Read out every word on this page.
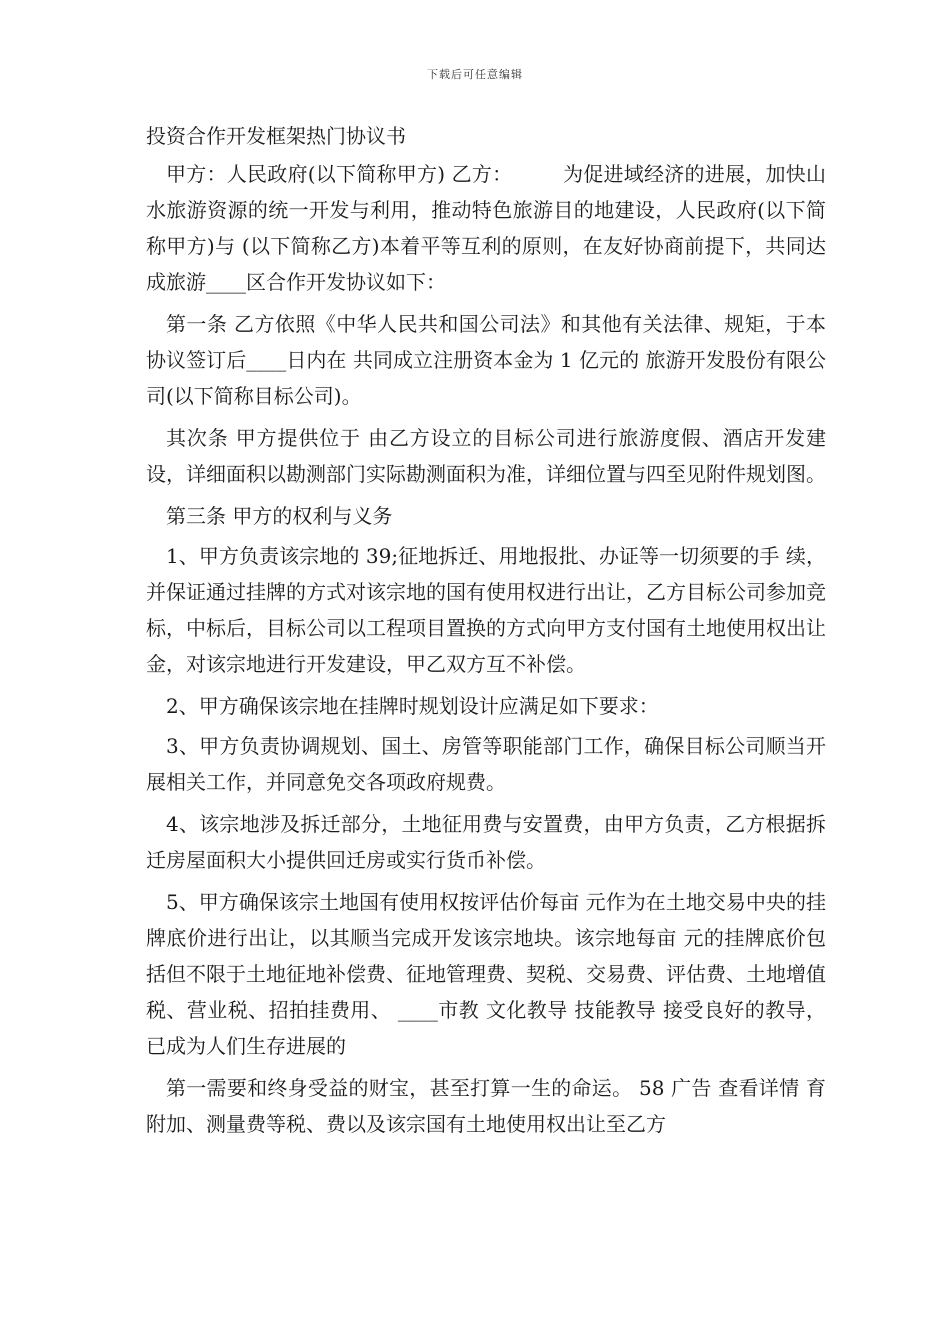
下载后可任意编辑
投资合作开发框架热门协议书

甲方：人民政府(以下简称甲方) 乙方：　　　为促进域经济的进展，加快山水旅游资源的统一开发与利用，推动特色旅游目的地建设，人民政府(以下简称甲方)与 (以下简称乙方)本着平等互利的原则，在友好协商前提下，共同达成旅游____区合作开发协议如下：

第一条 乙方依照《中华人民共和国公司法》和其他有关法律、规矩，于本协议签订后____日内在 共同成立注册资本金为 1 亿元的 旅游开发股份有限公司(以下简称目标公司)。

其次条 甲方提供位于 由乙方设立的目标公司进行旅游度假、酒店开发建设，详细面积以勘测部门实际勘测面积为准，详细位置与四至见附件规划图。

第三条 甲方的权利与义务

1、甲方负责该宗地的 39;征地拆迁、用地报批、办证等一切须要的手 续，并保证通过挂牌的方式对该宗地的国有使用权进行出让，乙方目标公司参加竞标，中标后，目标公司以工程项目置换的方式向甲方支付国有土地使用权出让金，对该宗地进行开发建设，甲乙双方互不补偿。

2、甲方确保该宗地在挂牌时规划设计应满足如下要求：

3、甲方负责协调规划、国土、房管等职能部门工作，确保目标公司顺当开展相关工作，并同意免交各项政府规费。

4、该宗地涉及拆迁部分，土地征用费与安置费，由甲方负责，乙方根据拆迁房屋面积大小提供回迁房或实行货币补偿。

5、甲方确保该宗土地国有使用权按评估价每亩 元作为在土地交易中央的挂牌底价进行出让，以其顺当完成开发该宗地块。该宗地每亩 元的挂牌底价包括但不限于土地征地补偿费、征地管理费、契税、交易费、评估费、土地增值税、营业税、招拍挂费用、 ____市教 文化教导 技能教导 接受良好的教导，已成为人们生存进展的

第一需要和终身受益的财宝，甚至打算一生的命运。 58 广告 查看详情 育附加、测量费等税、费以及该宗国有土地使用权出让至乙方
